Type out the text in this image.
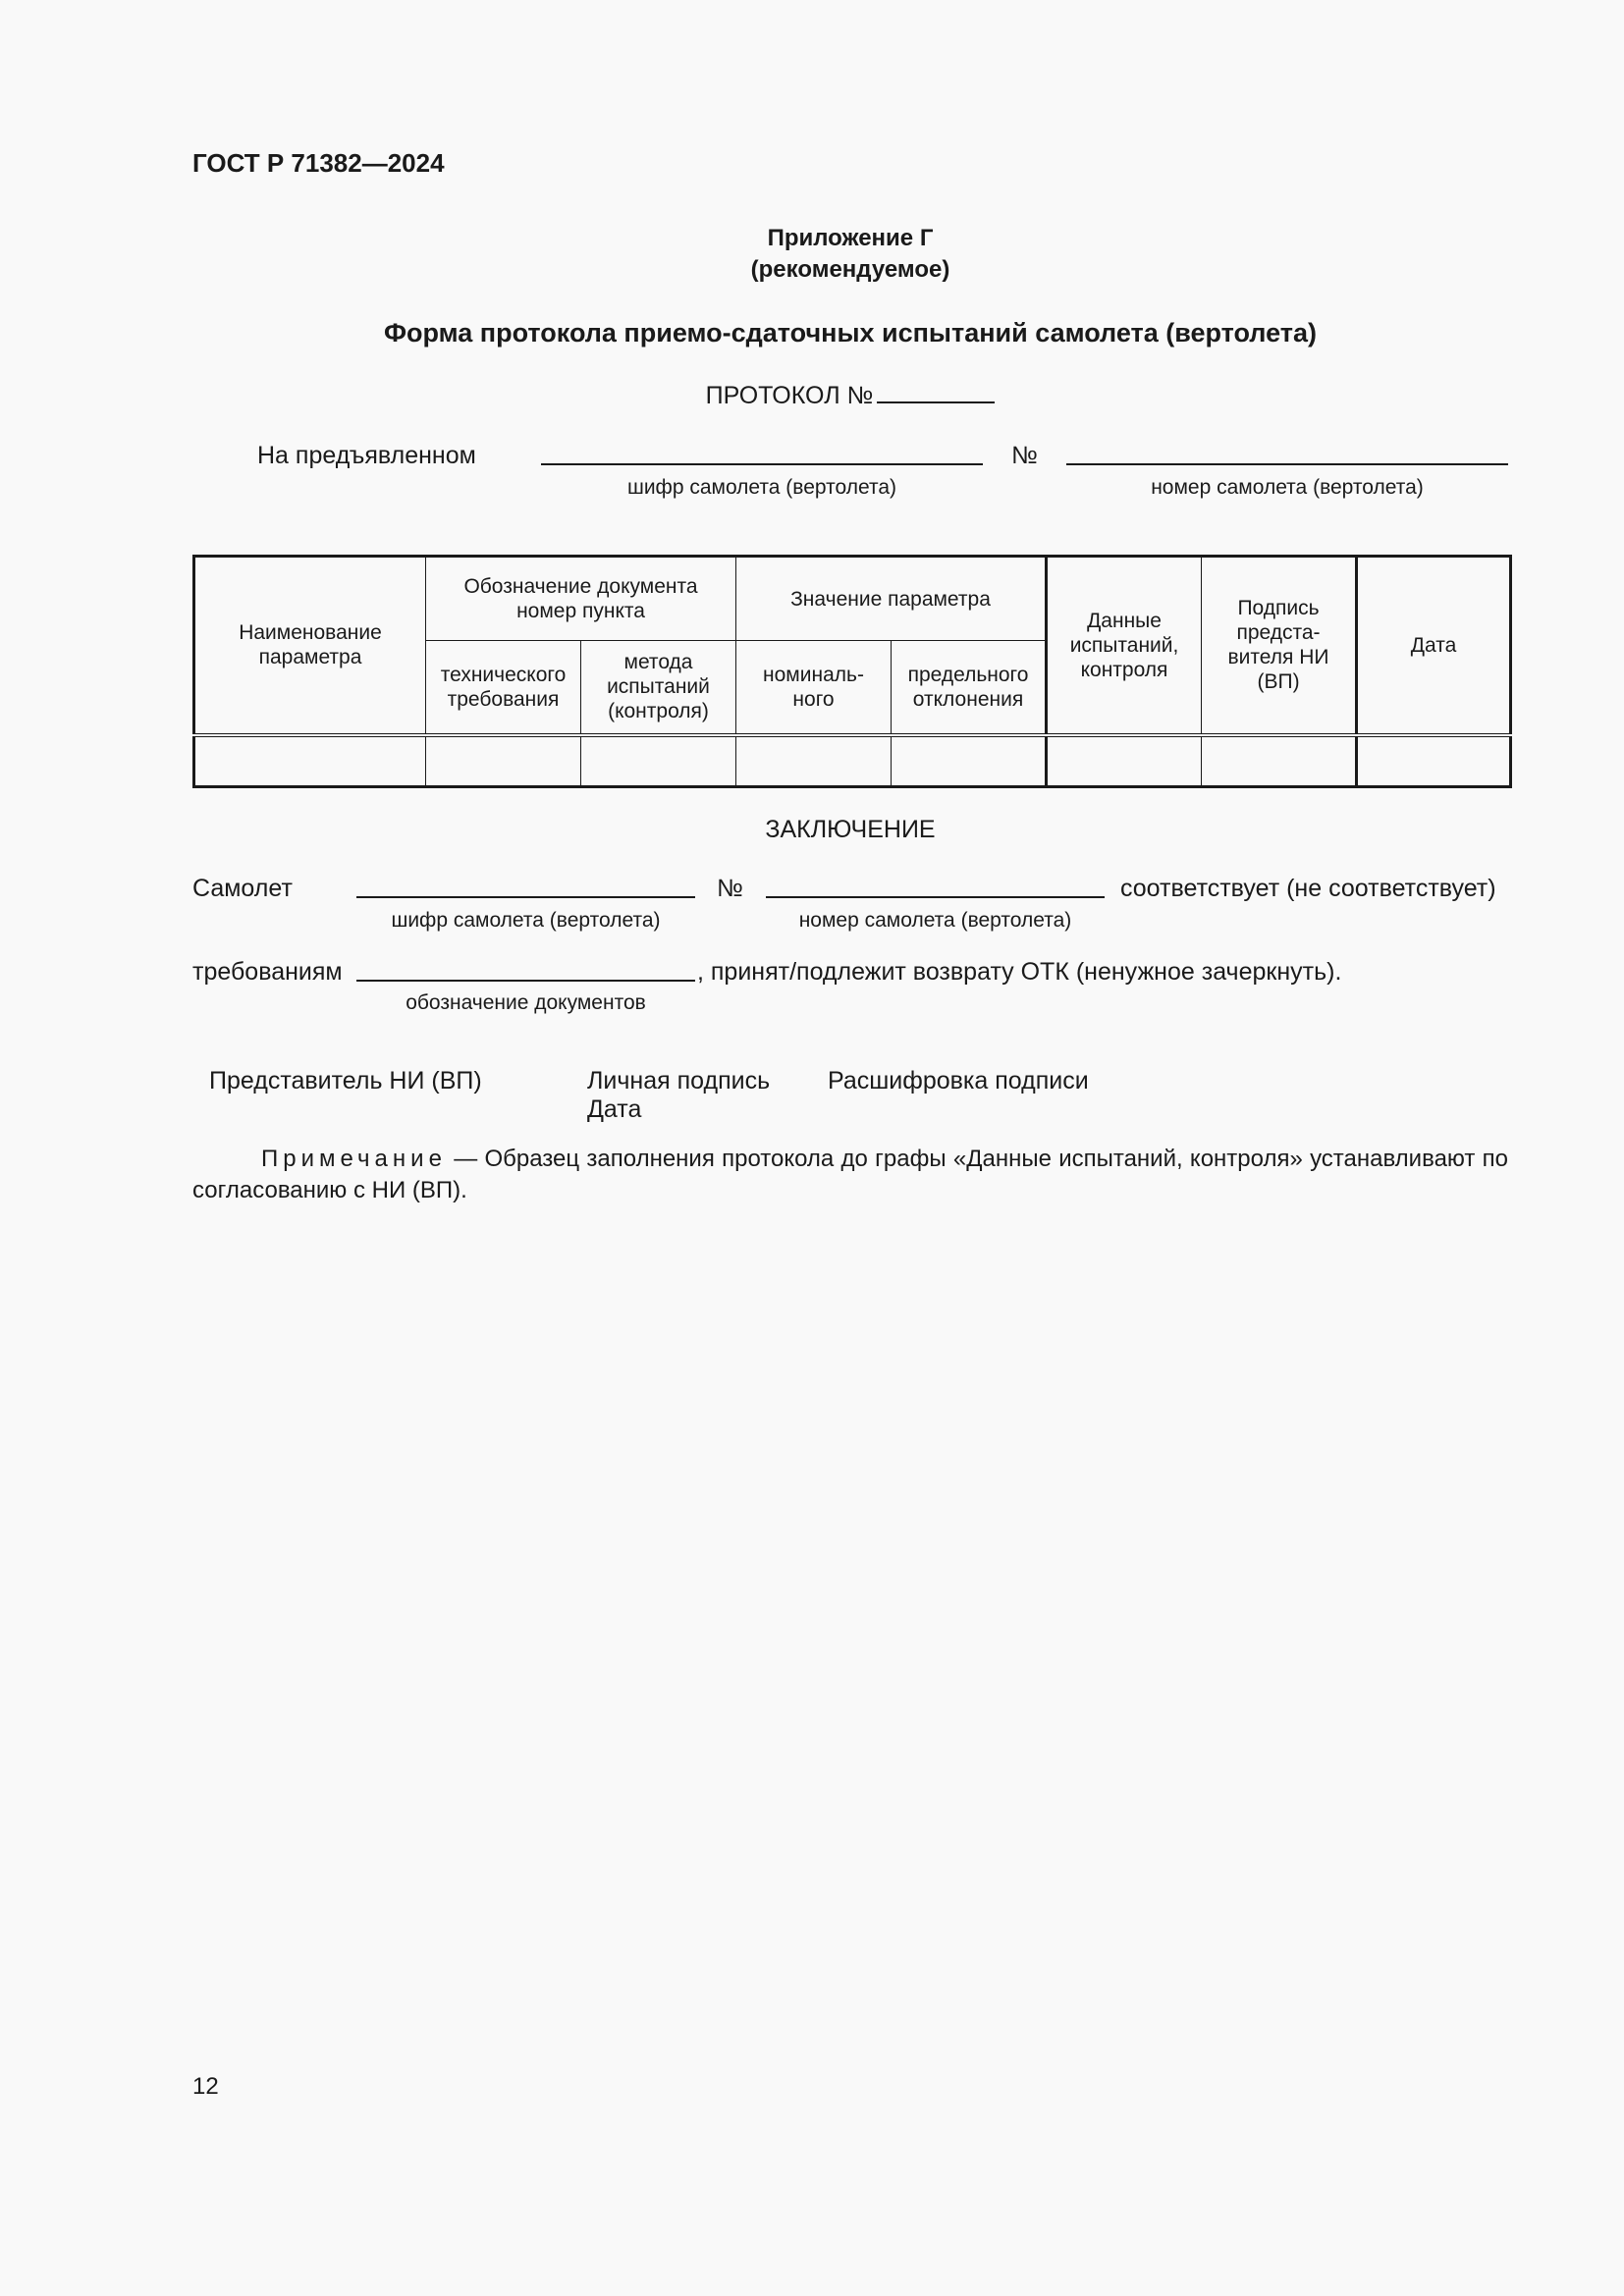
ГОСТ Р 71382—2024
Приложение Г
(рекомендуемое)
Форма протокола приемо-сдаточных испытаний самолета (вертолета)
ПРОТОКОЛ №
На предъявленном	№
шифр самолета (вертолета)	номер самолета (вертолета)
Наименование параметра	Обозначение документа номер пункта		Значение параметра		Данные испытаний, контроля	Подпись предста-вителя НИ (ВП)	Дата
	технического требования	метода испытаний (контроля)	номиналь-ного	предельного отклонения			

ЗАКЛЮЧЕНИЕ
Самолет	№	соответствует (не соответствует)
шифр самолета (вертолета)	номер самолета (вертолета)
требованиям	, принят/подлежит возврату ОТК (ненужное зачеркнуть).
обозначение документов
Представитель НИ (ВП)	Личная подпись
Дата
Расшифровка подписи
Примечание — Образец заполнения протокола до графы «Данные испытаний, контроля» устанавливают по согласованию с НИ (ВП).
12
